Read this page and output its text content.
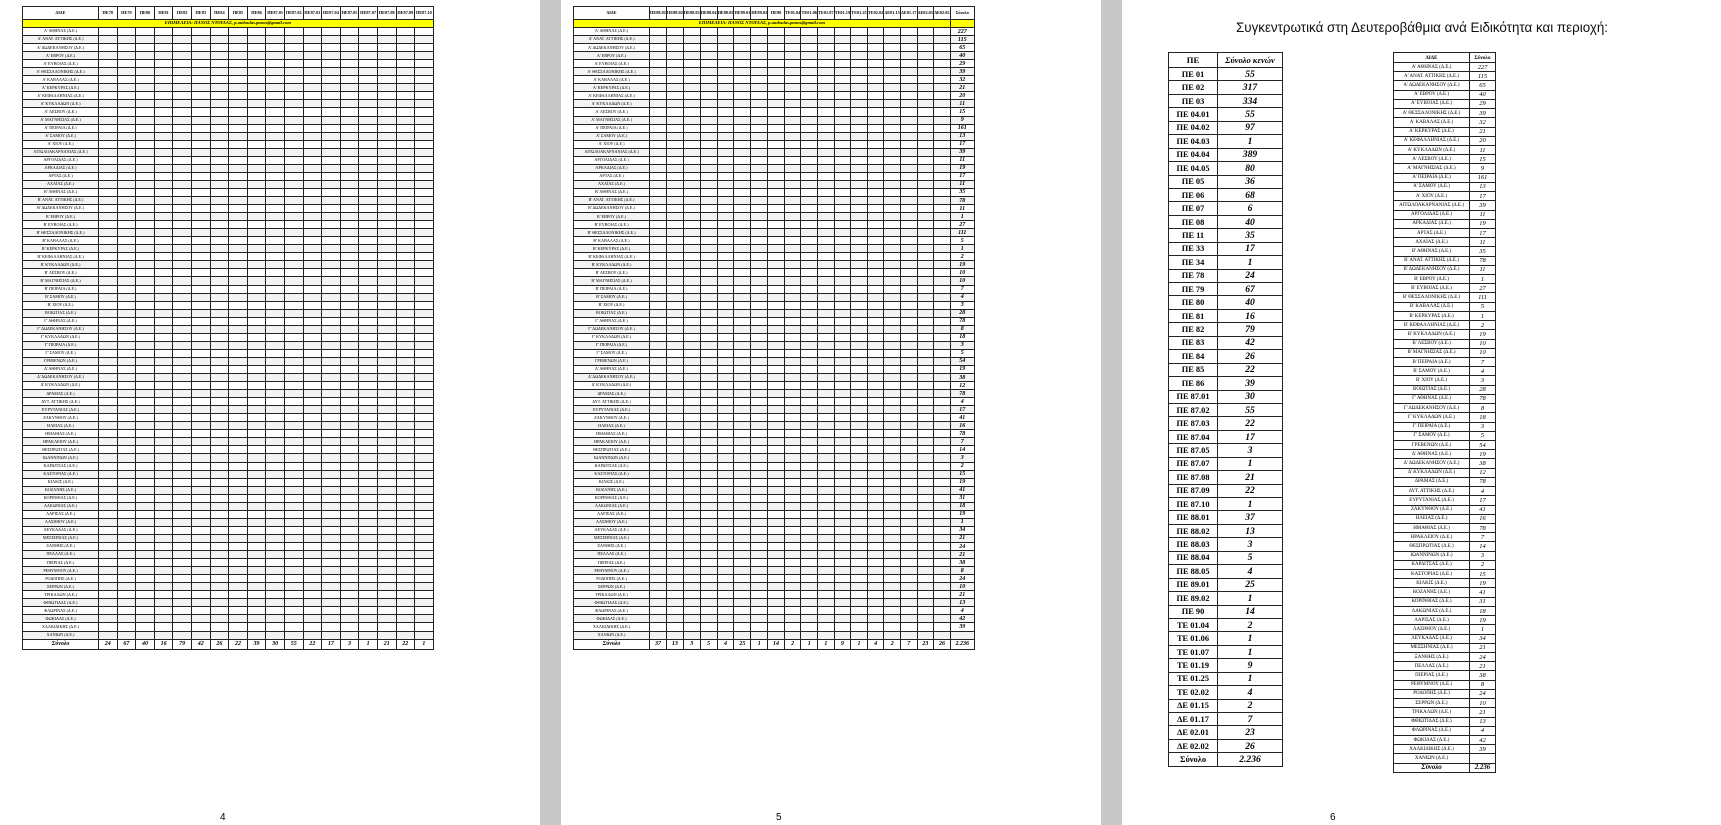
ΔΙΔΕ	ΠΕ78	ΠΕ79	ΠΕ80	ΠΕ81	ΠΕ82	ΠΕ83	ΠΕ84	ΠΕ85	ΠΕ86	ΠΕ87.01	ΠΕ87.02	ΠΕ87.03	ΠΕ87.04	ΠΕ87.05	ΠΕ87.07	ΠΕ87.08	ΠΕ87.09	ΠΕ87.10
ΕΠΙΜΕΛΕΙΑ: ΠΑΝΟΣ ΝΤΟΥΛΑΣ, p.andoulas.panos@gmail.com																		
Α' ΑΘΗΝΑΣ (Δ.Ε.)																		
Α' ΑΝΑΤ. ΑΤΤΙΚΗΣ (Δ.Ε.)																		
Α' ΔΩΔΕΚΑΝΗΣΟΥ (Δ.Ε.)																		
Α' ΕΒΡΟΥ (Δ.Ε.)																		
Α' ΕΥΒΟΙΑΣ (Δ.Ε.)																		
Α' ΘΕΣΣΑΛΟΝΙΚΗΣ (Δ.Ε.)																		
Α' ΚΑΒΑΛΑΣ (Δ.Ε.)																		
Α' ΚΕΡΚΥΡΑΣ (Δ.Ε.)																		
Α' ΚΕΦΑΛΛΗΝΙΑΣ (Δ.Ε.)																		
Α' ΚΥΚΛΑΔΩΝ (Δ.Ε.)																		
Α' ΛΕΣΒΟΥ (Δ.Ε.)																		
Α' ΜΑΓΝΗΣΙΑΣ (Δ.Ε.)																		
Α' ΠΕΙΡΑΙΑ (Δ.Ε.)																		
Α' ΣΑΜΟΥ (Δ.Ε.)																		
Α' ΧΙΟΥ (Δ.Ε.)																		
ΑΙΤΩΛΟΑΚΑΡΝΑΝΙΑΣ (Δ.Ε.)																		
ΑΡΓΟΛΙΔΑΣ (Δ.Ε.)																		
ΑΡΚΑΔΙΑΣ (Δ.Ε.)																		
ΑΡΤΑΣ (Δ.Ε.)																		
ΑΧΑΪΑΣ (Δ.Ε.)																		
Β' ΑΘΗΝΑΣ (Δ.Ε.)																		
Β' ΑΝΑΤ. ΑΤΤΙΚΗΣ (Δ.Ε.)																		
Β' ΔΩΔΕΚΑΝΗΣΟΥ (Δ.Ε.)																		
Β' ΕΒΡΟΥ (Δ.Ε.)																		
Β' ΕΥΒΟΙΑΣ (Δ.Ε.)																		
Β' ΘΕΣΣΑΛΟΝΙΚΗΣ (Δ.Ε.)																		
Β' ΚΑΒΑΛΑΣ (Δ.Ε.)																		
Β' ΚΕΡΚΥΡΑΣ (Δ.Ε.)																		
Β' ΚΕΦΑΛΛΗΝΙΑΣ (Δ.Ε.)																		
Β' ΚΥΚΛΑΔΩΝ (Δ.Ε.)																		
Β' ΛΕΣΒΟΥ (Δ.Ε.)																		
Β' ΜΑΓΝΗΣΙΑΣ (Δ.Ε.)																		
Β' ΠΕΙΡΑΙΑ (Δ.Ε.)																		
Β' ΣΑΜΟΥ (Δ.Ε.)																		
Β' ΧΙΟΥ (Δ.Ε.)																		
ΒΟΙΩΤΙΑΣ (Δ.Ε.)																		
Γ' ΑΘΗΝΑΣ (Δ.Ε.)																		
Γ' ΔΩΔΕΚΑΝΗΣΟΥ (Δ.Ε.)																		
Γ' ΚΥΚΛΑΔΩΝ (Δ.Ε.)																		
Γ' ΠΕΙΡΑΙΑ (Δ.Ε.)																		
Γ' ΣΑΜΟΥ (Δ.Ε.)																		
ΓΡΕΒΕΝΩΝ (Δ.Ε.)																		
Δ' ΑΘΗΝΑΣ (Δ.Ε.)																		
Δ' ΔΩΔΕΚΑΝΗΣΟΥ (Δ.Ε.)																		
Δ' ΚΥΚΛΑΔΩΝ (Δ.Ε.)																		
ΔΡΑΜΑΣ (Δ.Ε.)																		
ΔΥΤ. ΑΤΤΙΚΗΣ (Δ.Ε.)																		
ΕΥΡΥΤΑΝΙΑΣ (Δ.Ε.)																		
ΖΑΚΥΝΘΟΥ (Δ.Ε.)																		
ΗΛΕΙΑΣ (Δ.Ε.)																		
ΗΜΑΘΙΑΣ (Δ.Ε.)																		
ΗΡΑΚΛΕΙΟΥ (Δ.Ε.)																		
ΘΕΣΠΡΩΤΙΑΣ (Δ.Ε.)																		
ΙΩΑΝΝΙΝΩΝ (Δ.Ε.)																		
ΚΑΡΔΙΤΣΑΣ (Δ.Ε.)																		
ΚΑΣΤΟΡΙΑΣ (Δ.Ε.)																		
ΚΙΛΚΙΣ (Δ.Ε.)																		
ΚΟΖΑΝΗΣ (Δ.Ε.)																		
ΚΟΡΙΝΘΙΑΣ (Δ.Ε.)																		
ΛΑΚΩΝΙΑΣ (Δ.Ε.)																		
ΛΑΡΙΣΑΣ (Δ.Ε.)																		
ΛΑΣΙΘΙΟΥ (Δ.Ε.)																		
ΛΕΥΚΑΔΑΣ (Δ.Ε.)																		
ΜΕΣΣΗΝΙΑΣ (Δ.Ε.)																		
ΞΑΝΘΗΣ (Δ.Ε.)																		
ΠΕΛΛΑΣ (Δ.Ε.)																		
ΠΙΕΡΙΑΣ (Δ.Ε.)																		
ΡΕΘΥΜΝΟΥ (Δ.Ε.)																		
ΡΟΔΟΠΗΣ (Δ.Ε.)																		
ΣΕΡΡΩΝ (Δ.Ε.)																		
ΤΡΙΚΑΛΩΝ (Δ.Ε.)																		
ΦΘΙΩΤΙΔΑΣ (Δ.Ε.)																		
ΦΛΩΡΙΝΑΣ (Δ.Ε.)																		
ΦΩΚΙΔΑΣ (Δ.Ε.)																		
ΧΑΛΚΙΔΙΚΗΣ (Δ.Ε.)																		
ΧΑΝΙΩΝ (Δ.Ε.)																		
Σύνολο	24	67	40	16	79	42	26	22	39	30	55	22	17	3	1	21	22	1
4
ΔΙΔΕ	ΠΕ88.01	ΠΕ88.02	ΠΕ88.03	ΠΕ88.04	ΠΕ88.05	ΠΕ89.01	ΠΕ89.02	ΠΕ90	ΤΕ01.04	ΤΕ01.06	ΤΕ01.07	ΤΕ01.19	ΤΕ01.25	ΤΕ02.02	ΔΕ01.15	ΔΕ01.17	ΔΕ02.01	ΔΕ02.02	Σύνολο
ΕΠΙΜΕΛΕΙΑ: ΠΑΝΟΣ ΝΤΟΥΛΑΣ, p.andoulas.panos@gmail.com																			
Α' ΑΘΗΝΑΣ (Δ.Ε.)																			227
Α' ΑΝΑΤ. ΑΤΤΙΚΗΣ (Δ.Ε.)																			115
Α' ΔΩΔΕΚΑΝΗΣΟΥ (Δ.Ε.)																			65
Α' ΕΒΡΟΥ (Δ.Ε.)																			40
Α' ΕΥΒΟΙΑΣ (Δ.Ε.)																			29
Α' ΘΕΣΣΑΛΟΝΙΚΗΣ (Δ.Ε.)																			39
Α' ΚΑΒΑΛΑΣ (Δ.Ε.)																			32
Α' ΚΕΡΚΥΡΑΣ (Δ.Ε.)																			21
Α' ΚΕΦΑΛΛΗΝΙΑΣ (Δ.Ε.)																			20
Α' ΚΥΚΛΑΔΩΝ (Δ.Ε.)																			11
Α' ΛΕΣΒΟΥ (Δ.Ε.)																			15
Α' ΜΑΓΝΗΣΙΑΣ (Δ.Ε.)																			9
Α' ΠΕΙΡΑΙΑ (Δ.Ε.)																			161
Α' ΣΑΜΟΥ (Δ.Ε.)																			13
Α' ΧΙΟΥ (Δ.Ε.)																			17
ΑΙΤΩΛΟΑΚΑΡΝΑΝΙΑΣ (Δ.Ε.)																			39
ΑΡΓΟΛΙΔΑΣ (Δ.Ε.)																			11
ΑΡΚΑΔΙΑΣ (Δ.Ε.)																			19
ΑΡΤΑΣ (Δ.Ε.)																			17
ΑΧΑΪΑΣ (Δ.Ε.)																			11
Β' ΑΘΗΝΑΣ (Δ.Ε.)																			35
Β' ΑΝΑΤ. ΑΤΤΙΚΗΣ (Δ.Ε.)																			78
Β' ΔΩΔΕΚΑΝΗΣΟΥ (Δ.Ε.)																			11
Β' ΕΒΡΟΥ (Δ.Ε.)																			1
Β' ΕΥΒΟΙΑΣ (Δ.Ε.)																			27
Β' ΘΕΣΣΑΛΟΝΙΚΗΣ (Δ.Ε.)																			111
Β' ΚΑΒΑΛΑΣ (Δ.Ε.)																			5
Β' ΚΕΡΚΥΡΑΣ (Δ.Ε.)																			1
Β' ΚΕΦΑΛΛΗΝΙΑΣ (Δ.Ε.)																			2
Β' ΚΥΚΛΑΔΩΝ (Δ.Ε.)																			19
Β' ΛΕΣΒΟΥ (Δ.Ε.)																			10
Β' ΜΑΓΝΗΣΙΑΣ (Δ.Ε.)																			10
Β' ΠΕΙΡΑΙΑ (Δ.Ε.)																			7
Β' ΣΑΜΟΥ (Δ.Ε.)																			4
Β' ΧΙΟΥ (Δ.Ε.)																			3
ΒΟΙΩΤΙΑΣ (Δ.Ε.)																			28
Γ' ΑΘΗΝΑΣ (Δ.Ε.)																			78
Γ' ΔΩΔΕΚΑΝΗΣΟΥ (Δ.Ε.)																			8
Γ' ΚΥΚΛΑΔΩΝ (Δ.Ε.)																			18
Γ' ΠΕΙΡΑΙΑ (Δ.Ε.)																			3
Γ' ΣΑΜΟΥ (Δ.Ε.)																			5
ΓΡΕΒΕΝΩΝ (Δ.Ε.)																			54
Δ' ΑΘΗΝΑΣ (Δ.Ε.)																			19
Δ' ΔΩΔΕΚΑΝΗΣΟΥ (Δ.Ε.)																			38
Δ' ΚΥΚΛΑΔΩΝ (Δ.Ε.)																			12
ΔΡΑΜΑΣ (Δ.Ε.)																			78
ΔΥΤ. ΑΤΤΙΚΗΣ (Δ.Ε.)																			4
ΕΥΡΥΤΑΝΙΑΣ (Δ.Ε.)																			17
ΖΑΚΥΝΘΟΥ (Δ.Ε.)																			41
ΗΛΕΙΑΣ (Δ.Ε.)																			16
ΗΜΑΘΙΑΣ (Δ.Ε.)																			78
ΗΡΑΚΛΕΙΟΥ (Δ.Ε.)																			7
ΘΕΣΠΡΩΤΙΑΣ (Δ.Ε.)																			14
ΙΩΑΝΝΙΝΩΝ (Δ.Ε.)																			3
ΚΑΡΔΙΤΣΑΣ (Δ.Ε.)																			2
ΚΑΣΤΟΡΙΑΣ (Δ.Ε.)																			15
ΚΙΛΚΙΣ (Δ.Ε.)																			19
ΚΟΖΑΝΗΣ (Δ.Ε.)																			41
ΚΟΡΙΝΘΙΑΣ (Δ.Ε.)																			31
ΛΑΚΩΝΙΑΣ (Δ.Ε.)																			18
ΛΑΡΙΣΑΣ (Δ.Ε.)																			19
ΛΑΣΙΘΙΟΥ (Δ.Ε.)																			1
ΛΕΥΚΑΔΑΣ (Δ.Ε.)																			34
ΜΕΣΣΗΝΙΑΣ (Δ.Ε.)																			21
ΞΑΝΘΗΣ (Δ.Ε.)																			24
ΠΕΛΛΑΣ (Δ.Ε.)																			21
ΠΙΕΡΙΑΣ (Δ.Ε.)																			38
ΡΕΘΥΜΝΟΥ (Δ.Ε.)																			8
ΡΟΔΟΠΗΣ (Δ.Ε.)																			24
ΣΕΡΡΩΝ (Δ.Ε.)																			10
ΤΡΙΚΑΛΩΝ (Δ.Ε.)																			21
ΦΘΙΩΤΙΔΑΣ (Δ.Ε.)																			13
ΦΛΩΡΙΝΑΣ (Δ.Ε.)																			4
ΦΩΚΙΔΑΣ (Δ.Ε.)																			42
ΧΑΛΚΙΔΙΚΗΣ (Δ.Ε.)																			39
ΧΑΝΙΩΝ (Δ.Ε.)																			
Σύνολο	37	13	3	5	4	25	1	14	2	1	1	9	1	4	2	7	23	26	2.236
5
Συγκεντρωτικά στη Δευτεροβάθμια ανά Ειδικότητα και περιοχή:
ΠΕ	Σύνολο κενών
ΠΕ 01	55
ΠΕ 02	317
ΠΕ 03	334
ΠΕ 04.01	55
ΠΕ 04.02	97
ΠΕ 04.03	1
ΠΕ 04.04	389
ΠΕ 04.05	80
ΠΕ 05	36
ΠΕ 06	68
ΠΕ 07	6
ΠΕ 08	40
ΠΕ 11	35
ΠΕ 33	17
ΠΕ 34	1
ΠΕ 78	24
ΠΕ 79	67
ΠΕ 80	40
ΠΕ 81	16
ΠΕ 82	79
ΠΕ 83	42
ΠΕ 84	26
ΠΕ 85	22
ΠΕ 86	39
ΠΕ 87.01	30
ΠΕ 87.02	55
ΠΕ 87.03	22
ΠΕ 87.04	17
ΠΕ 87.05	3
ΠΕ 87.07	1
ΠΕ 87.08	21
ΠΕ 87.09	22
ΠΕ 87.10	1
ΠΕ 88.01	37
ΠΕ 88.02	13
ΠΕ 88.03	3
ΠΕ 88.04	5
ΠΕ 88.05	4
ΠΕ 89.01	25
ΠΕ 89.02	1
ΠΕ 90	14
ΤΕ 01.04	2
ΤΕ 01.06	1
ΤΕ 01.07	1
ΤΕ 01.19	9
ΤΕ 01.25	1
ΤΕ 02.02	4
ΔΕ 01.15	2
ΔΕ 01.17	7
ΔΕ 02.01	23
ΔΕ 02.02	26
Σύνολο	2.236
ΔΙΔΕ	Σύνολο
Α' ΑΘΗΝΑΣ (Δ.Ε.)	227
Α' ΑΝΑΤ. ΑΤΤΙΚΗΣ (Δ.Ε.)	115
Α' ΔΩΔΕΚΑΝΗΣΟΥ (Δ.Ε.)	65
Α' ΕΒΡΟΥ (Δ.Ε.)	40
Α' ΕΥΒΟΙΑΣ (Δ.Ε.)	29
Α' ΘΕΣΣΑΛΟΝΙΚΗΣ (Δ.Ε.)	39
Α' ΚΑΒΑΛΑΣ (Δ.Ε.)	32
Α' ΚΕΡΚΥΡΑΣ (Δ.Ε.)	21
Α' ΚΕΦΑΛΛΗΝΙΑΣ (Δ.Ε.)	20
Α' ΚΥΚΛΑΔΩΝ (Δ.Ε.)	11
Α' ΛΕΣΒΟΥ (Δ.Ε.)	15
Α' ΜΑΓΝΗΣΙΑΣ (Δ.Ε.)	9
Α' ΠΕΙΡΑΙΑ (Δ.Ε.)	161
Α' ΣΑΜΟΥ (Δ.Ε.)	13
Α' ΧΙΟΥ (Δ.Ε.)	17
ΑΙΤΩΛΟΑΚΑΡΝΑΝΙΑΣ (Δ.Ε.)	39
ΑΡΓΟΛΙΔΑΣ (Δ.Ε.)	11
ΑΡΚΑΔΙΑΣ (Δ.Ε.)	19
ΑΡΤΑΣ (Δ.Ε.)	17
ΑΧΑΪΑΣ (Δ.Ε.)	11
Β' ΑΘΗΝΑΣ (Δ.Ε.)	35
Β' ΑΝΑΤ. ΑΤΤΙΚΗΣ (Δ.Ε.)	78
Β' ΔΩΔΕΚΑΝΗΣΟΥ (Δ.Ε.)	11
Β' ΕΒΡΟΥ (Δ.Ε.)	1
Β' ΕΥΒΟΙΑΣ (Δ.Ε.)	27
Β' ΘΕΣΣΑΛΟΝΙΚΗΣ (Δ.Ε.)	111
Β' ΚΑΒΑΛΑΣ (Δ.Ε.)	5
Β' ΚΕΡΚΥΡΑΣ (Δ.Ε.)	1
Β' ΚΕΦΑΛΛΗΝΙΑΣ (Δ.Ε.)	2
Β' ΚΥΚΛΑΔΩΝ (Δ.Ε.)	19
Β' ΛΕΣΒΟΥ (Δ.Ε.)	10
Β' ΜΑΓΝΗΣΙΑΣ (Δ.Ε.)	10
Β' ΠΕΙΡΑΙΑ (Δ.Ε.)	7
Β' ΣΑΜΟΥ (Δ.Ε.)	4
Β' ΧΙΟΥ (Δ.Ε.)	3
ΒΟΙΩΤΙΑΣ (Δ.Ε.)	28
Γ' ΑΘΗΝΑΣ (Δ.Ε.)	78
Γ' ΔΩΔΕΚΑΝΗΣΟΥ (Δ.Ε.)	8
Γ' ΚΥΚΛΑΔΩΝ (Δ.Ε.)	18
Γ' ΠΕΙΡΑΙΑ (Δ.Ε.)	3
Γ' ΣΑΜΟΥ (Δ.Ε.)	5
ΓΡΕΒΕΝΩΝ (Δ.Ε.)	54
Δ' ΑΘΗΝΑΣ (Δ.Ε.)	19
Δ' ΔΩΔΕΚΑΝΗΣΟΥ (Δ.Ε.)	38
Δ' ΚΥΚΛΑΔΩΝ (Δ.Ε.)	12
ΔΡΑΜΑΣ (Δ.Ε.)	78
ΔΥΤ. ΑΤΤΙΚΗΣ (Δ.Ε.)	4
ΕΥΡΥΤΑΝΙΑΣ (Δ.Ε.)	17
ΖΑΚΥΝΘΟΥ (Δ.Ε.)	41
ΗΛΕΙΑΣ (Δ.Ε.)	16
ΗΜΑΘΙΑΣ (Δ.Ε.)	78
ΗΡΑΚΛΕΙΟΥ (Δ.Ε.)	7
ΘΕΣΠΡΩΤΙΑΣ (Δ.Ε.)	14
ΙΩΑΝΝΙΝΩΝ (Δ.Ε.)	3
ΚΑΡΔΙΤΣΑΣ (Δ.Ε.)	2
ΚΑΣΤΟΡΙΑΣ (Δ.Ε.)	15
ΚΙΛΚΙΣ (Δ.Ε.)	19
ΚΟΖΑΝΗΣ (Δ.Ε.)	41
ΚΟΡΙΝΘΙΑΣ (Δ.Ε.)	31
ΛΑΚΩΝΙΑΣ (Δ.Ε.)	18
ΛΑΡΙΣΑΣ (Δ.Ε.)	19
ΛΑΣΙΘΙΟΥ (Δ.Ε.)	1
ΛΕΥΚΑΔΑΣ (Δ.Ε.)	34
ΜΕΣΣΗΝΙΑΣ (Δ.Ε.)	21
ΞΑΝΘΗΣ (Δ.Ε.)	24
ΠΕΛΛΑΣ (Δ.Ε.)	21
ΠΙΕΡΙΑΣ (Δ.Ε.)	38
ΡΕΘΥΜΝΟΥ (Δ.Ε.)	8
ΡΟΔΟΠΗΣ (Δ.Ε.)	24
ΣΕΡΡΩΝ (Δ.Ε.)	10
ΤΡΙΚΑΛΩΝ (Δ.Ε.)	21
ΦΘΙΩΤΙΔΑΣ (Δ.Ε.)	13
ΦΛΩΡΙΝΑΣ (Δ.Ε.)	4
ΦΩΚΙΔΑΣ (Δ.Ε.)	42
ΧΑΛΚΙΔΙΚΗΣ (Δ.Ε.)	39
ΧΑΝΙΩΝ (Δ.Ε.)	
Σύνολο	2.236
6
